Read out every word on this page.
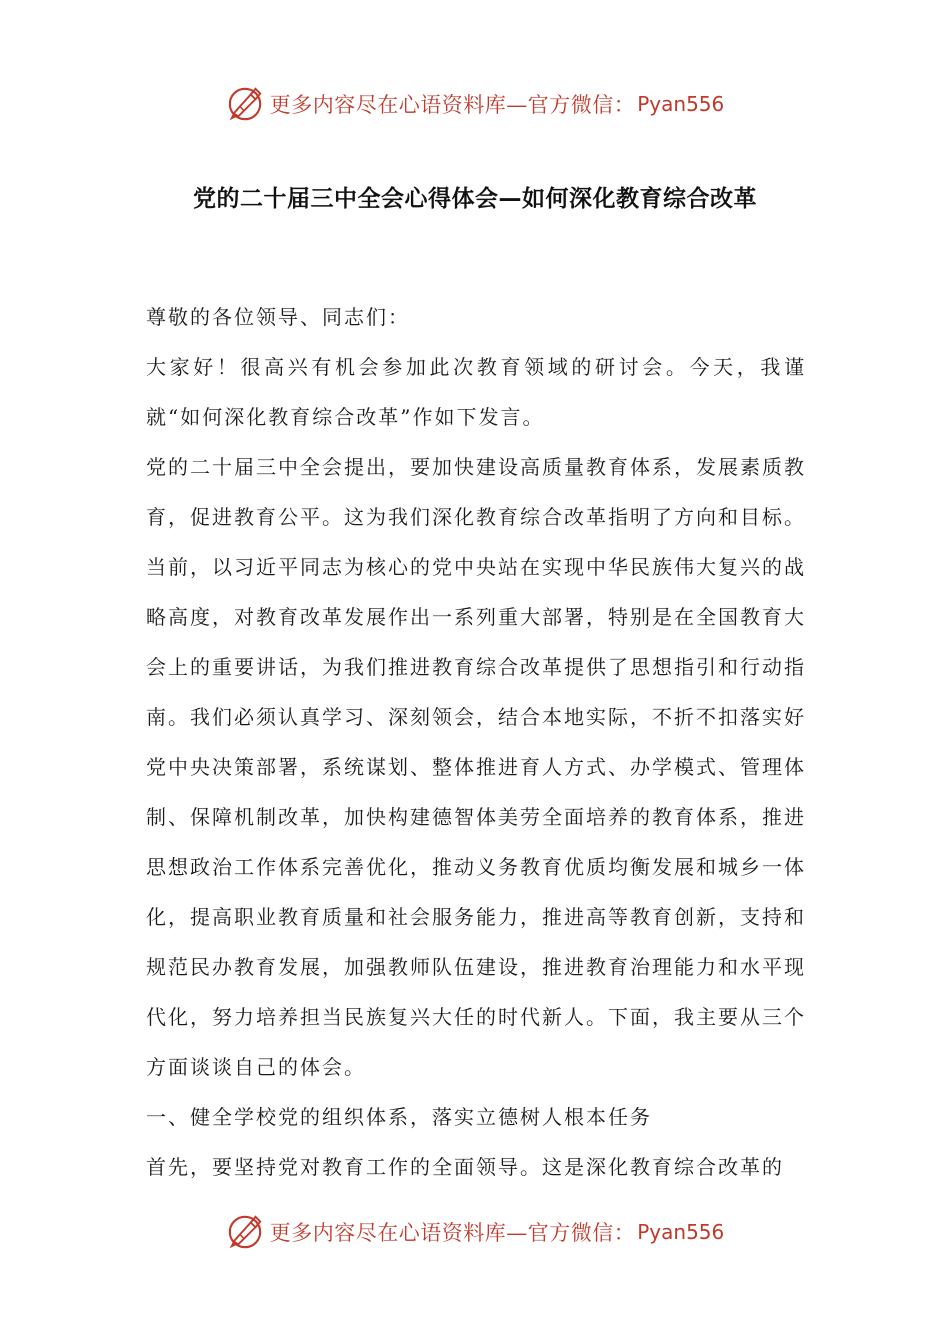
更多内容尽在心语资料库—官方微信： Pyan556
党的二十届三中全会心得体会—如何深化教育综合改革

尊敬的各位领导、同志们：

大家好！很高兴有机会参加此次教育领域的研讨会。今天，我谨就“如何深化教育综合改革”作如下发言。

党的二十届三中全会提出，要加快建设高质量教育体系，发展素质教育，促进教育公平。这为我们深化教育综合改革指明了方向和目标。当前，以习近平同志为核心的党中央站在实现中华民族伟大复兴的战略高度，对教育改革发展作出一系列重大部署，特别是在全国教育大会上的重要讲话，为我们推进教育综合改革提供了思想指引和行动指南。我们必须认真学习、深刻领会，结合本地实际，不折不扣落实好党中央决策部署，系统谋划、整体推进育人方式、办学模式、管理体制、保障机制改革，加快构建德智体美劳全面培养的教育体系，推进思想政治工作体系完善优化，推动义务教育优质均衡发展和城乡一体化，提高职业教育质量和社会服务能力，推进高等教育创新，支持和规范民办教育发展，加强教师队伍建设，推进教育治理能力和水平现代化，努力培养担当民族复兴大任的时代新人。下面，我主要从三个方面谈谈自己的体会。

一、健全学校党的组织体系，落实立德树人根本任务

首先，要坚持党对教育工作的全面领导。这是深化教育综合改革的

更多内容尽在心语资料库—官方微信： Pyan556
